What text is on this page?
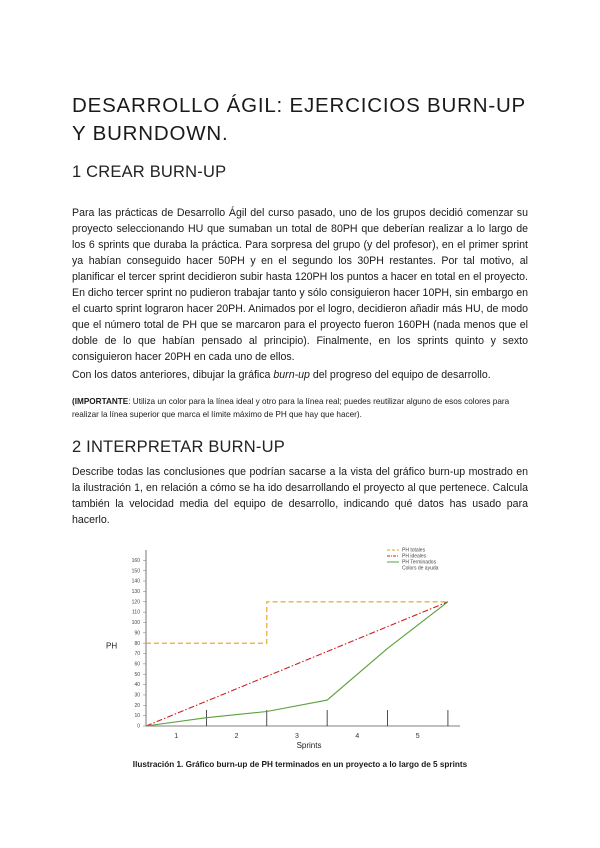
DESARROLLO ÁGIL: EJERCICIOS BURN-UP Y BURNDOWN.
1 CREAR BURN-UP

Para las prácticas de Desarrollo Ágil del curso pasado, uno de los grupos decidió comenzar su proyecto seleccionando HU que sumaban un total de 80PH que deberían realizar a lo largo de los 6 sprints que duraba la práctica. Para sorpresa del grupo (y del profesor), en el primer sprint ya habían conseguido hacer 50PH y en el segundo los 30PH restantes. Por tal motivo, al planificar el tercer sprint decidieron subir hasta 120PH los puntos a hacer en total en el proyecto. En dicho tercer sprint no pudieron trabajar tanto y sólo consiguieron hacer 10PH, sin embargo en el cuarto sprint lograron hacer 20PH. Animados por el logro, decidieron añadir más HU, de modo que el número total de PH que se marcaron para el proyecto fueron 160PH (nada menos que el doble de lo que habían pensado al principio). Finalmente, en los sprints quinto y sexto consiguieron hacer 20PH en cada uno de ellos.

Con los datos anteriores, dibujar la gráfica burn-up del progreso del equipo de desarrollo.

(IMPORTANTE: Utiliza un color para la línea ideal y otro para la línea real; puedes reutilizar alguno de esos colores para realizar la línea superior que marca el límite máximo de PH que hay que hacer).

2 INTERPRETAR BURN-UP

Describe todas las conclusiones que podrían sacarse a la vista del gráfico burn-up mostrado en la ilustración 1, en relación a cómo se ha ido desarrollando el proyecto al que pertenece. Calcula también la velocidad media del equipo de desarrollo, indicando qué datos has usado para hacerlo.

0
10
20
30
40
50
60
70
80
90
100
110
120
130
140
150
160
1	2	3	4	5
PH
Sprints
PH totales
PH ideales
PH Terminados
Colors de ayuda
Ilustración 1. Gráfico burn-up de PH terminados en un proyecto a lo largo de 5 sprints
